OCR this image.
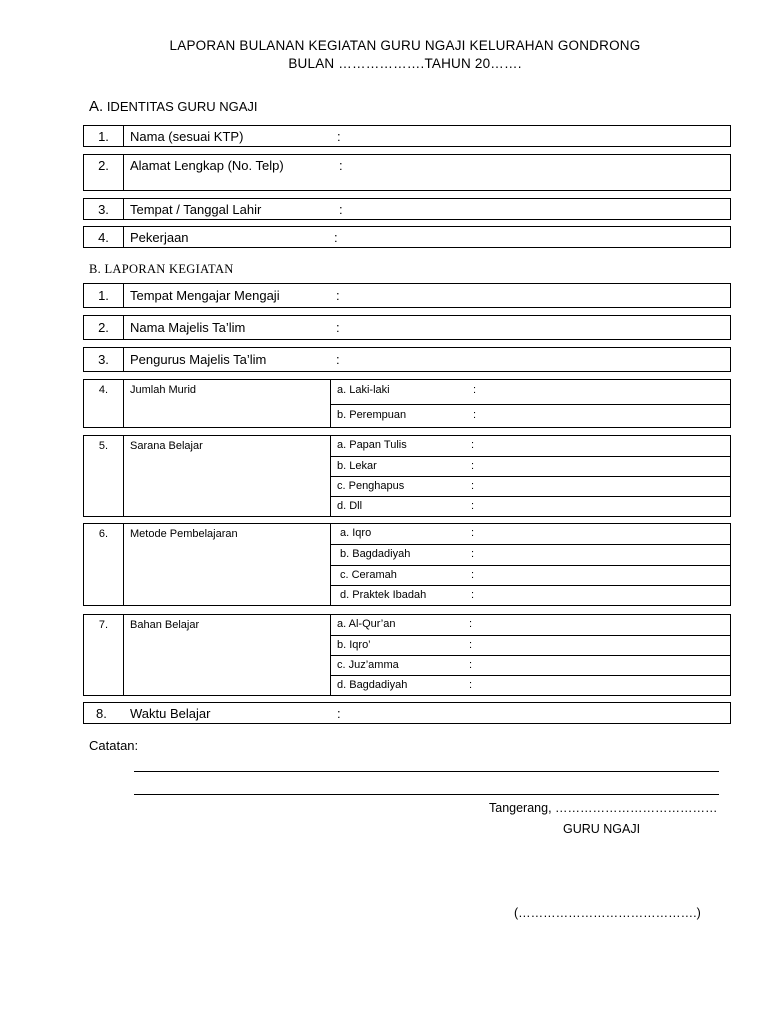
LAPORAN BULANAN KEGIATAN GURU NGAJI KELURAHAN GONDRONG
BULAN ……………….TAHUN 20…….
A. IDENTITAS GURU NGAJI
1.	Nama (sesuai KTP)	:
2.	Alamat Lengkap (No. Telp)	:
3.	Tempat / Tanggal Lahir	:
4.	Pekerjaan	:
B. LAPORAN KEGIATAN
1.	Tempat Mengajar Mengaji	:
2.	Nama Majelis Ta’lim	:
3.	Pengurus Majelis Ta’lim	:
4.	Jumlah Murid	a. Laki-laki	:
b. Perempuan	:
5.	Sarana Belajar	a. Papan Tulis	:
b. Lekar	:
c. Penghapus	:
d. Dll	:
6.	Metode Pembelajaran	a. Iqro	:
b. Bagdadiyah	:
c. Ceramah	:
d. Praktek Ibadah	:
7.	Bahan Belajar	a. Al-Qur’an	:
b. Iqro’	:
c. Juz’amma	:
d. Bagdadiyah	:
8. Waktu Belajar	:
Catatan:
Tangerang, …………………………………
GURU NGAJI
(…………………………………….)
